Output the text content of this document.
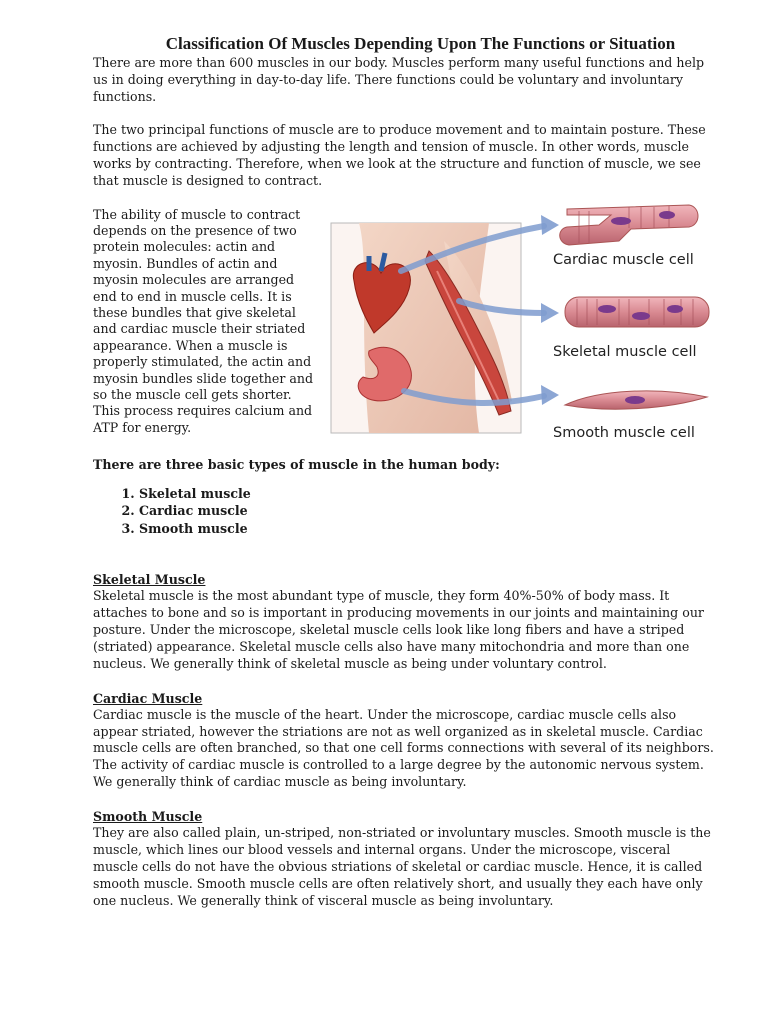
Classification Of Muscles Depending Upon The Functions or Situation

There are more than 600 muscles in our body. Muscles perform many useful functions and help us in doing everything in day-to-day life. There functions could be voluntary and involuntary functions.

The two principal functions of muscle are to produce movement and to maintain posture. These functions are achieved by adjusting the length and tension of muscle. In other words, muscle works by contracting. Therefore, when we look at the structure and function of muscle, we see that muscle is designed to contract.

The ability of muscle to contract depends on the presence of two protein molecules: actin and myosin. Bundles of actin and myosin molecules are arranged end to end in muscle cells. It is these bundles that give skeletal and cardiac muscle their striated appearance. When a muscle is properly stimulated, the actin and myosin bundles slide together and so the muscle cell gets shorter. This process requires calcium and ATP for energy.
Cardiac muscle cell
Skeletal muscle cell
Smooth muscle cell
There are three basic types of muscle in the human body:
1. Skeletal muscle
2. Cardiac muscle
3. Smooth muscle
Skeletal Muscle

Skeletal muscle is the most abundant type of muscle, they form 40%-50% of body mass. It attaches to bone and so is important in producing movements in our joints and maintaining our posture. Under the microscope, skeletal muscle cells look like long fibers and have a striped (striated) appearance. Skeletal muscle cells also have many mitochondria and more than one nucleus. We generally think of skeletal muscle as being under voluntary control.

Cardiac Muscle

Cardiac muscle is the muscle of the heart. Under the microscope, cardiac muscle cells also appear striated, however the striations are not as well organized as in skeletal muscle. Cardiac muscle cells are often branched, so that one cell forms connections with several of its neighbors. The activity of cardiac muscle is controlled to a large degree by the autonomic nervous system. We generally think of cardiac muscle as being involuntary.

Smooth Muscle

They are also called plain, un-striped, non-striated or involuntary muscles. Smooth muscle is the muscle, which lines our blood vessels and internal organs. Under the microscope, visceral muscle cells do not have the obvious striations of skeletal or cardiac muscle. Hence, it is called smooth muscle. Smooth muscle cells are often relatively short, and usually they each have only one nucleus. We generally think of visceral muscle as being involuntary.
